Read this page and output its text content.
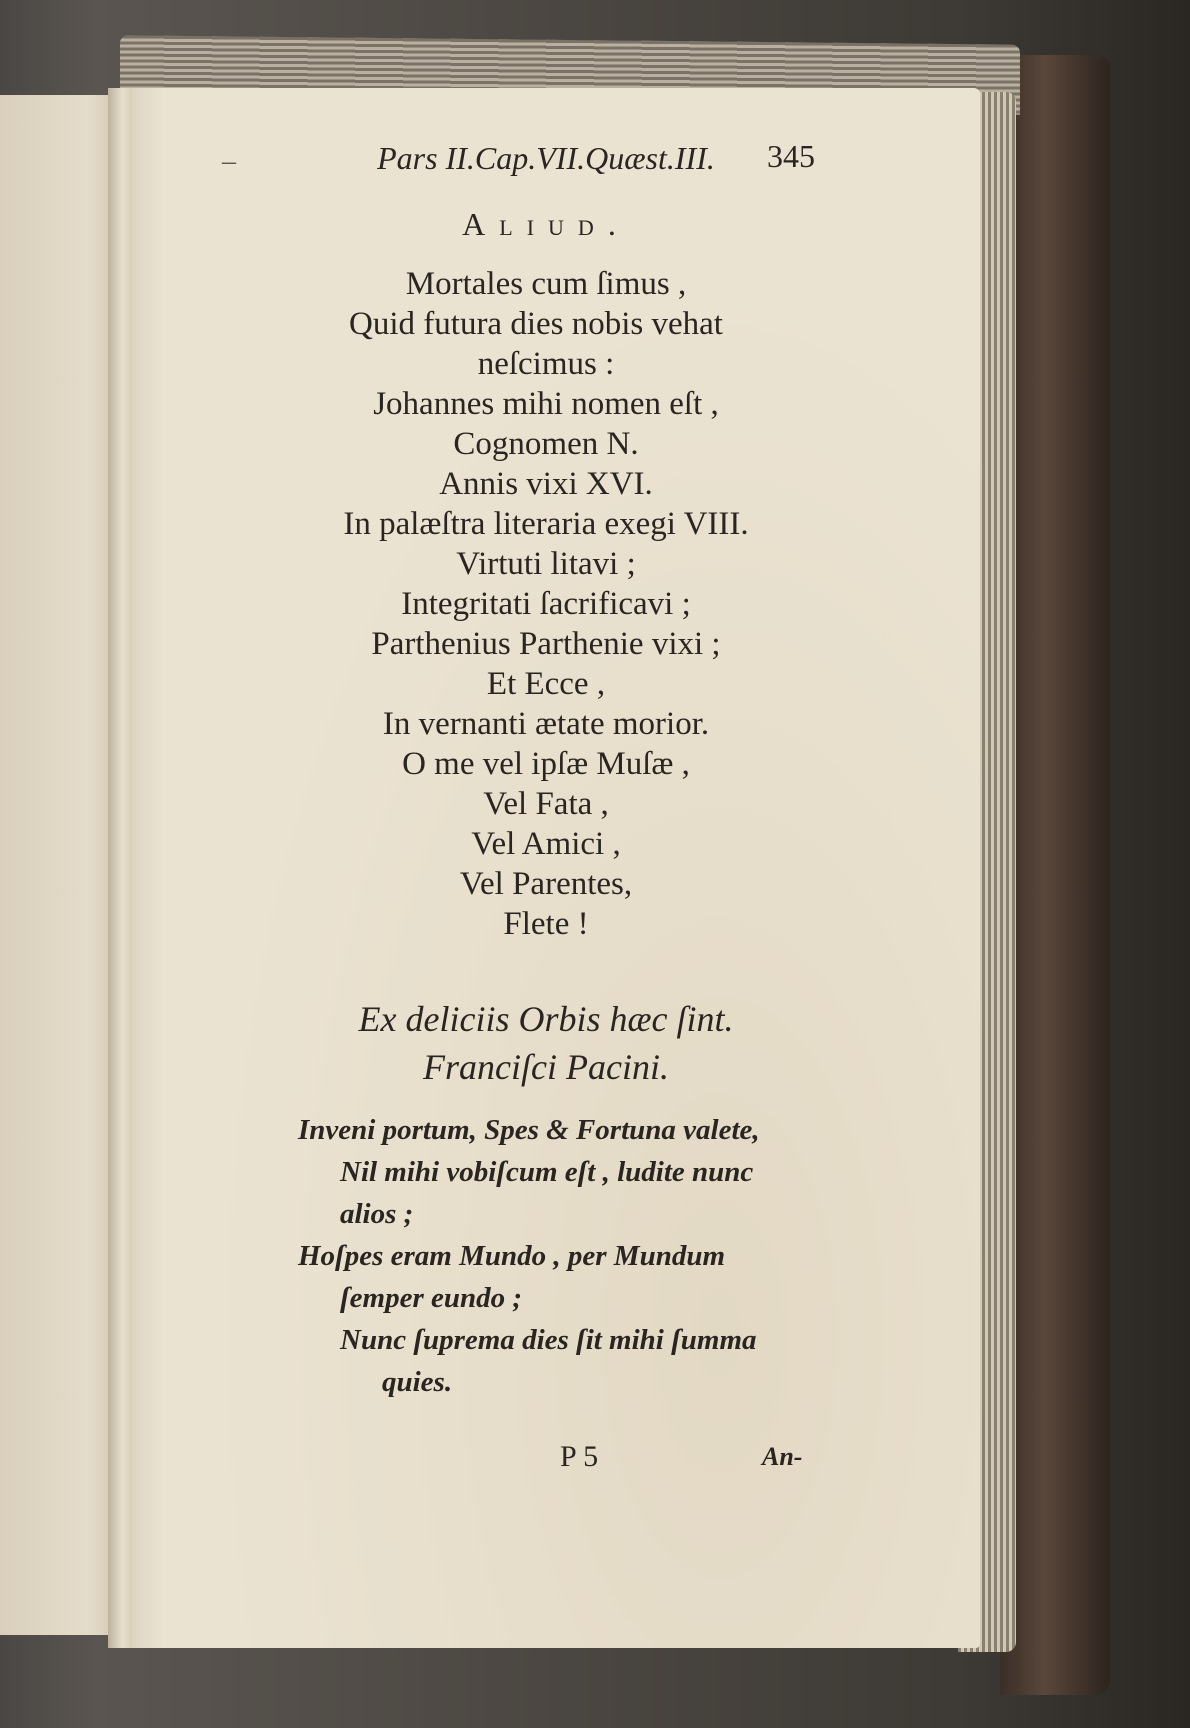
–	Pars II.Cap.VII.Quæst.III.	345
Aliud.
Mortales cum ſimus ,
Quid futura dies nobis vehat
neſcimus :
Johannes mihi nomen eſt ,
Cognomen N.
Annis vixi XVI.
In palæſtra literaria exegi VIII.
Virtuti litavi ;
Integritati ſacrificavi ;
Parthenius Parthenie vixi ;
Et Ecce ,
In vernanti ætate morior.
O me vel ipſæ Muſæ ,
Vel Fata ,
Vel Amici ,
Vel Parentes,
Flete !
Ex deliciis Orbis hæc ſint.
Franciſci Pacini.
Inveni portum, Spes & Fortuna valete,
Nil mihi vobiſcum eſt , ludite nunc
alios ;
Hoſpes eram Mundo , per Mundum
ſemper eundo ;
Nunc ſuprema dies ſit mihi ſumma
quies.
P 5	An-
